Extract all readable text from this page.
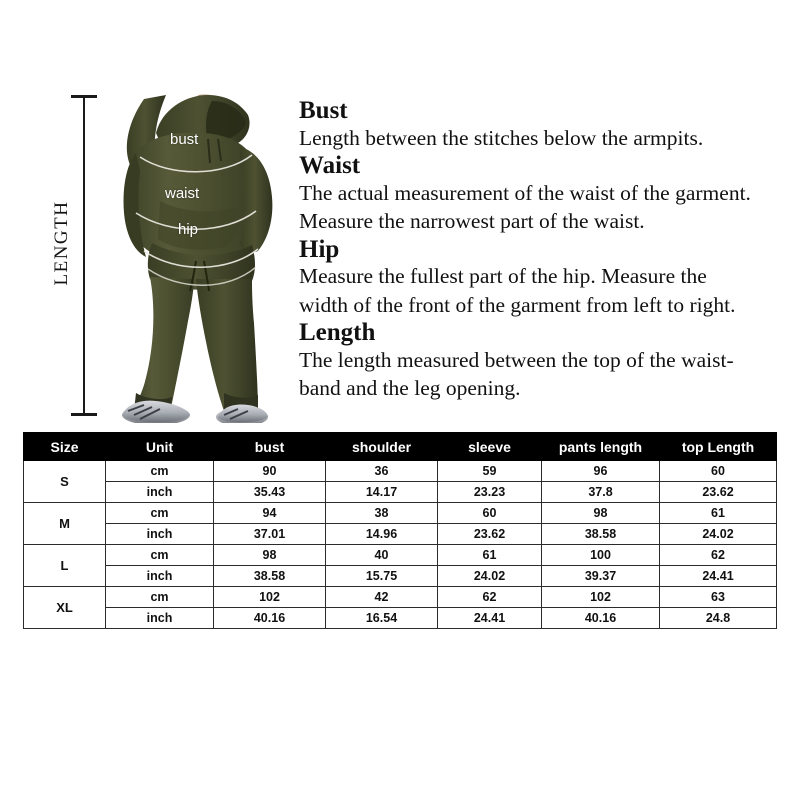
LENGTH
bust
waist
hip

Bust

Length between the stitches below the armpits.

Waist

The actual measurement of the waist of the garment.

Measure the narrowest part of the waist.

Hip

Measure the fullest part of the hip. Measure the

width of the front of the garment from left to right.

Length

The length measured between the top of the waist-

band and the leg opening.

Size	Unit	bust	shoulder	sleeve	pants length	top Length
S	cm	90	36	59	96	60
	inch	35.43	14.17	23.23	37.8	23.62
M	cm	94	38	60	98	61
	inch	37.01	14.96	23.62	38.58	24.02
L	cm	98	40	61	100	62
	inch	38.58	15.75	24.02	39.37	24.41
XL	cm	102	42	62	102	63
	inch	40.16	16.54	24.41	40.16	24.8
